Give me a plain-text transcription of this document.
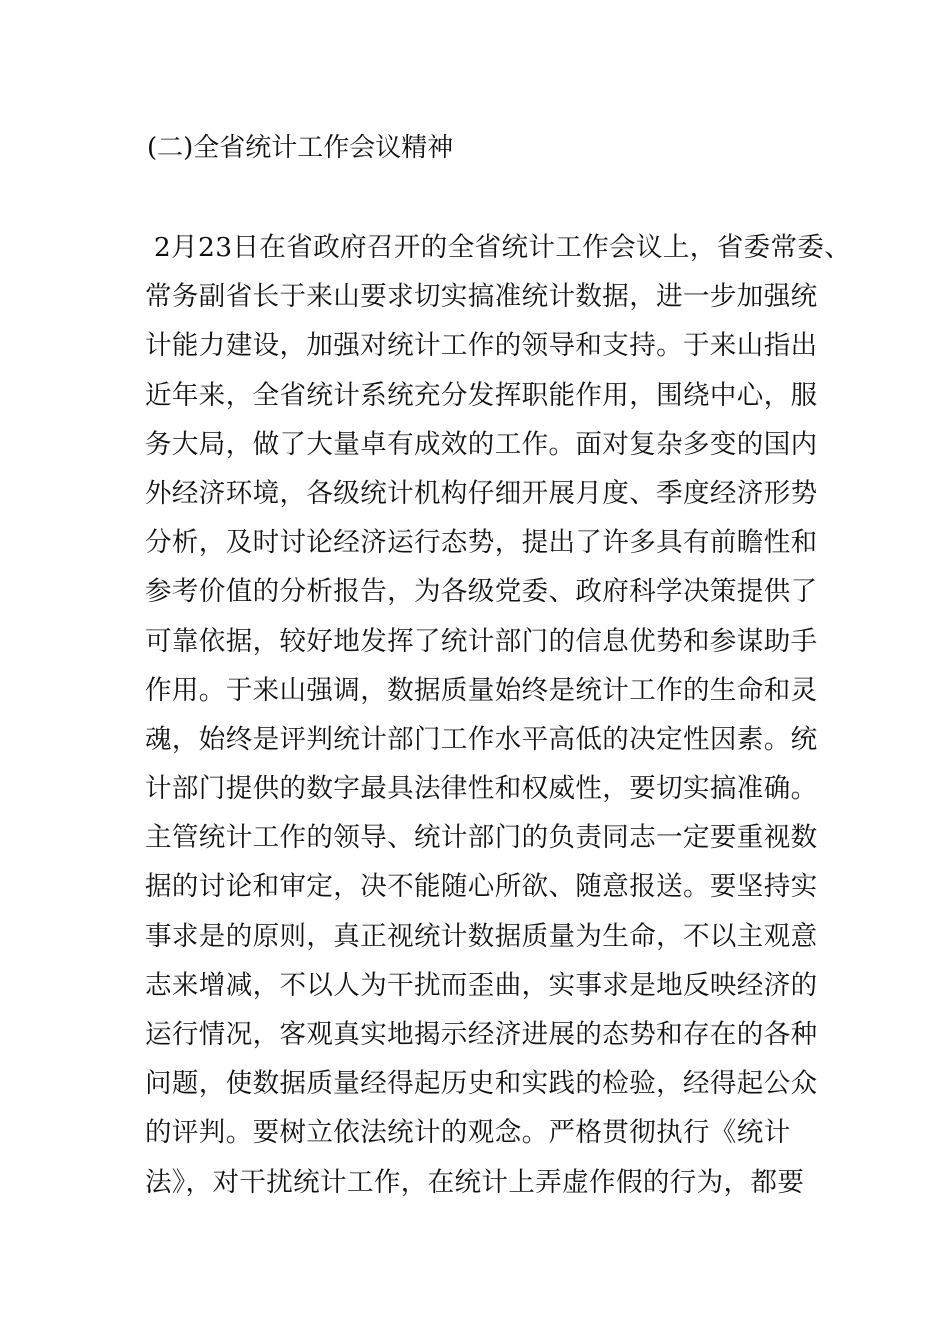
(二)全省统计工作会议精神
2月23日在省政府召开的全省统计工作会议上，省委常委、
常务副省长于来山要求切实搞准统计数据，进一步加强统
计能力建设，加强对统计工作的领导和支持。于来山指出
近年来，全省统计系统充分发挥职能作用，围绕中心，服
务大局，做了大量卓有成效的工作。面对复杂多变的国内
外经济环境，各级统计机构仔细开展月度、季度经济形势
分析，及时讨论经济运行态势，提出了许多具有前瞻性和
参考价值的分析报告，为各级党委、政府科学决策提供了
可靠依据，较好地发挥了统计部门的信息优势和参谋助手
作用。于来山强调，数据质量始终是统计工作的生命和灵
魂，始终是评判统计部门工作水平高低的决定性因素。统
计部门提供的数字最具法律性和权威性，要切实搞准确。
主管统计工作的领导、统计部门的负责同志一定要重视数
据的讨论和审定，决不能随心所欲、随意报送。要坚持实
事求是的原则，真正视统计数据质量为生命，不以主观意
志来增减，不以人为干扰而歪曲，实事求是地反映经济的
运行情况，客观真实地揭示经济进展的态势和存在的各种
问题，使数据质量经得起历史和实践的检验，经得起公众
的评判。要树立依法统计的观念。严格贯彻执行《统计
法》，对干扰统计工作，在统计上弄虚作假的行为，都要
